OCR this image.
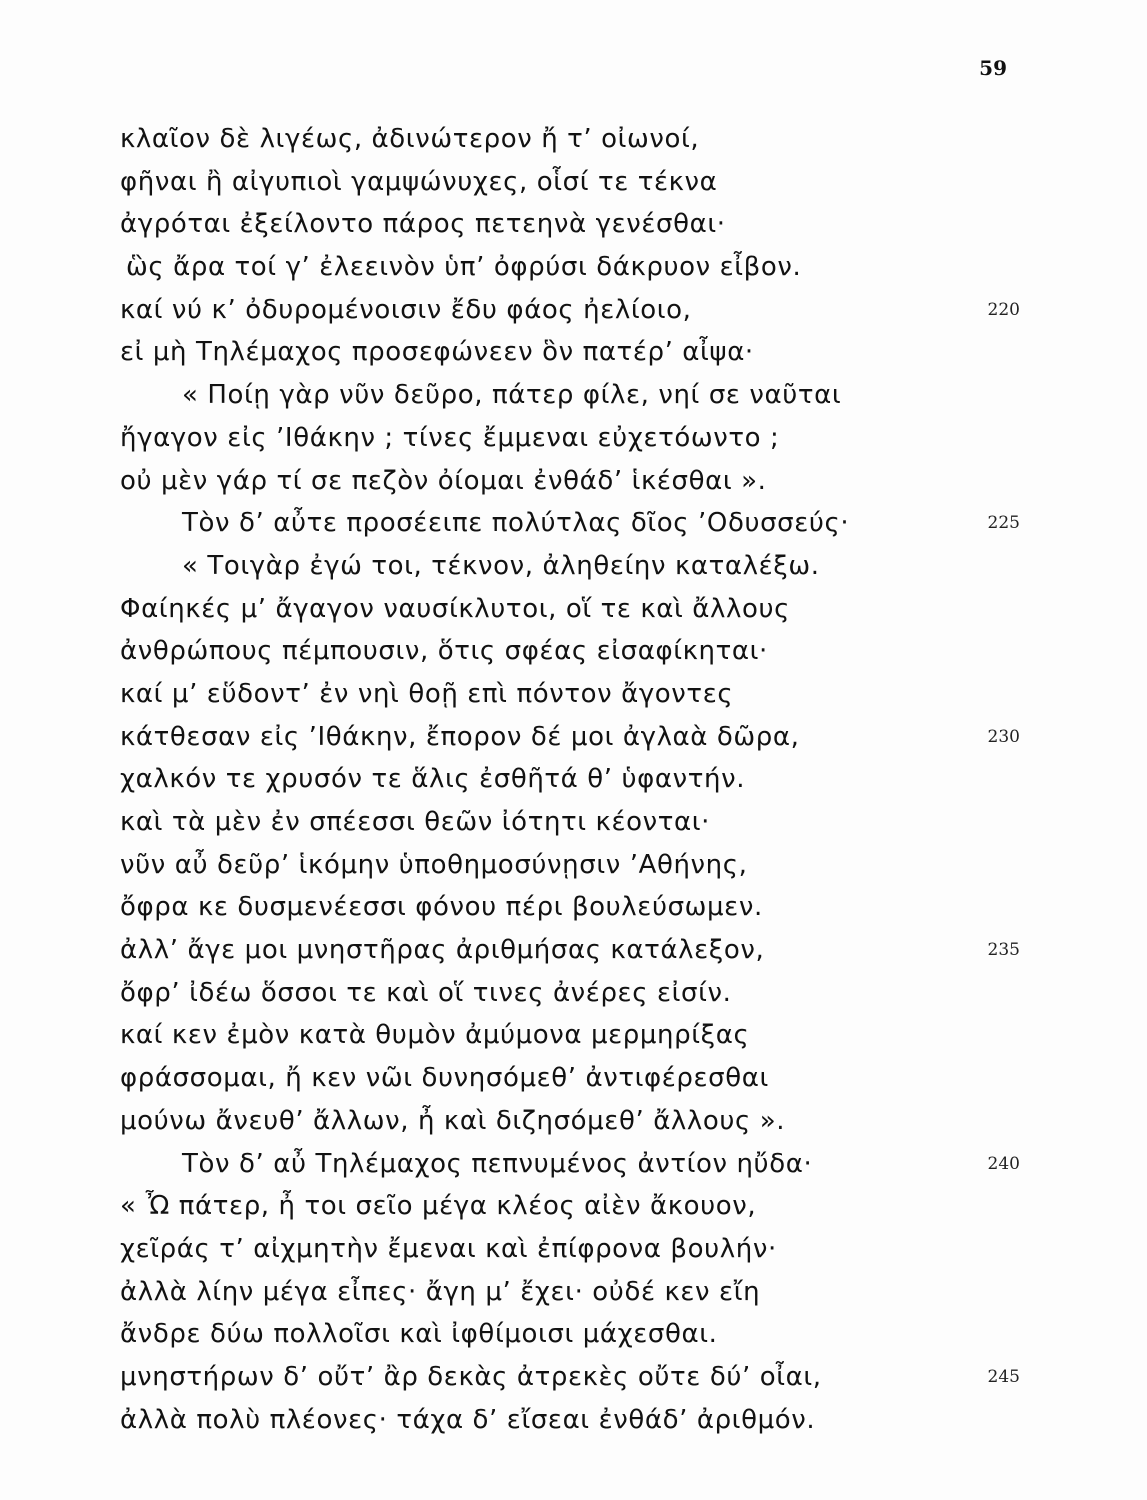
59
κλαῖον δὲ λιγέως, ἀδινώτερον ἤ τ’ οἰωνοί,
φῆναι ἢ αἰγυπιοὶ γαμψώνυχες, οἷσί τε τέκνα
ἀγρόται ἐξείλοντο πάρος πετεηνὰ γενέσθαι·
ὣς ἄρα τοί γ’ ἐλεεινὸν ὑπ’ ὀφρύσι δάκρυον εἶβον.
καί νύ κ’ ὀδυρομένοισιν ἔδυ φάος ἠελίοιο,	220
εἰ μὴ Τηλέμαχος προσεφώνεεν ὃν πατέρ’ αἶψα·
« Ποίῃ γὰρ νῦν δεῦρο, πάτερ φίλε, νηί σε ναῦται
ἤγαγον εἰς ’Ιθάκην ; τίνες ἔμμεναι εὐχετόωντο ;
οὐ μὲν γάρ τί σε πεζὸν ὀίομαι ἐνθάδ’ ἱκέσθαι ».
Τὸν δ’ αὖτε προσέειπε πολύτλας δῖος ’Οδυσσεύς·	225
« Τοιγὰρ ἐγώ τοι, τέκνον, ἀληθείην καταλέξω.
Φαίηκές μ’ ἄγαγον ναυσίκλυτοι, οἵ τε καὶ ἄλλους
ἀνθρώπους πέμπουσιν, ὅτις σφέας εἰσαφίκηται·
καί μ’ εὕδοντ’ ἐν νηὶ θοῇ επὶ πόντον ἄγοντες
κάτθεσαν εἰς ’Ιθάκην, ἔπορον δέ μοι ἀγλαὰ δῶρα,	230
χαλκόν τε χρυσόν τε ἅλις ἐσθῆτά θ’ ὑφαντήν.
καὶ τὰ μὲν ἐν σπέεσσι θεῶν ἰότητι κέονται·
νῦν αὖ δεῦρ’ ἱκόμην ὑποθημοσύνῃσιν ’Αθήνης,
ὄφρα κε δυσμενέεσσι φόνου πέρι βουλεύσωμεν.
ἀλλ’ ἄγε μοι μνηστῆρας ἀριθμήσας κατάλεξον,	235
ὄφρ’ ἰδέω ὅσσοι τε καὶ οἵ τινες ἀνέρες εἰσίν.
καί κεν ἐμὸν κατὰ θυμὸν ἀμύμονα μερμηρίξας
φράσσομαι, ἤ κεν νῶι δυνησόμεθ’ ἀντιφέρεσθαι
μούνω ἄνευθ’ ἄλλων, ἦ καὶ διζησόμεθ’ ἄλλους ».
Τὸν δ’ αὖ Τηλέμαχος πεπνυμένος ἀντίον ηὔδα·	240
« Ὦ πάτερ, ἦ τοι σεῖο μέγα κλέος αἰὲν ἄκουον,
χεῖράς τ’ αἰχμητὴν ἔμεναι καὶ ἐπίφρονα βουλήν·
ἀλλὰ λίην μέγα εἶπες· ἄγη μ’ ἔχει· οὐδέ κεν εἴη
ἄνδρε δύω πολλοῖσι καὶ ἰφθίμοισι μάχεσθαι.
μνηστήρων δ’ οὔτ’ ἂρ δεκὰς ἀτρεκὲς οὔτε δύ’ οἶαι,	245
ἀλλὰ πολὺ πλέονες· τάχα δ’ εἴσεαι ἐνθάδ’ ἀριθμόν.
